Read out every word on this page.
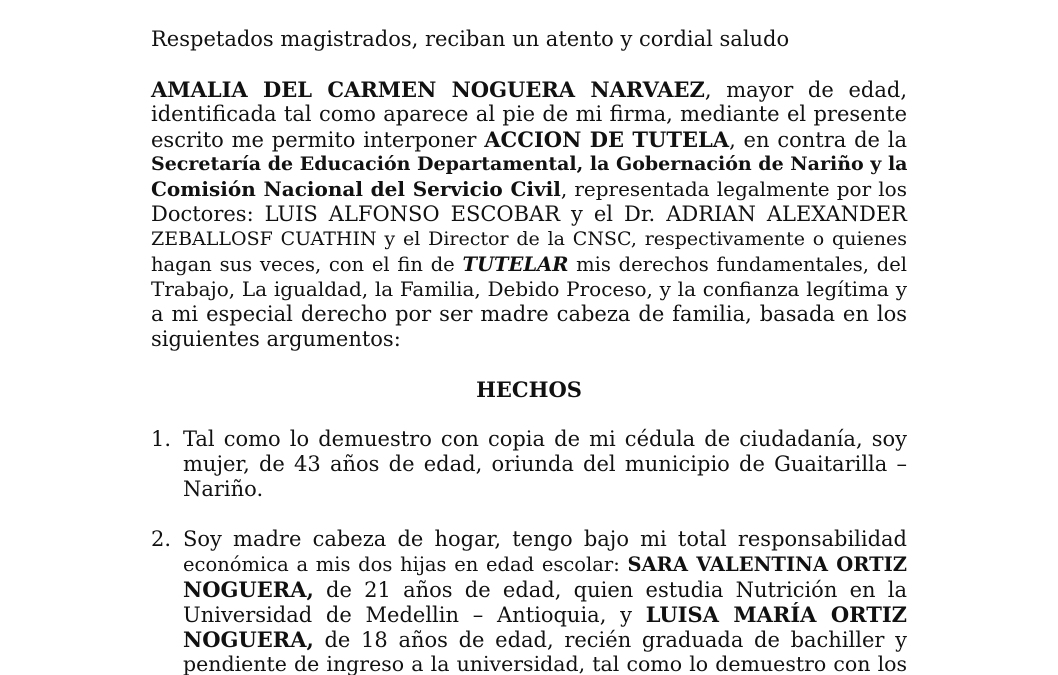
Respetados magistrados, reciban un atento y cordial saludo

AMALIA DEL CARMEN NOGUERA NARVAEZ, mayor de edad,

identificada tal como aparece al pie de mi firma, mediante el presente

escrito me permito interponer ACCION DE TUTELA, en contra de la

Secretaría de Educación Departamental, la Gobernación de Nariño y la

Comisión Nacional del Servicio Civil, representada legalmente por los

Doctores: LUIS ALFONSO ESCOBAR y el Dr. ADRIAN ALEXANDER

ZEBALLOSF CUATHIN y el Director de la CNSC, respectivamente o quienes

hagan sus veces, con el fin de TUTELAR mis derechos fundamentales, del

Trabajo, La igualdad, la Familia, Debido Proceso, y la confianza legítima y

a mi especial derecho por ser madre cabeza de familia, basada en los

siguientes argumentos:

HECHOS

1. Tal como lo demuestro con copia de mi cédula de ciudadanía, soy

mujer, de 43 años de edad, oriunda del municipio de Guaitarilla –

Nariño.

2. Soy madre cabeza de hogar, tengo bajo mi total responsabilidad

económica a mis dos hijas en edad escolar: SARA VALENTINA ORTIZ

NOGUERA, de 21 años de edad, quien estudia Nutrición en la

Universidad de Medellin – Antioquia, y LUISA MARÍA ORTIZ

NOGUERA, de 18 años de edad, recién graduada de bachiller y

pendiente de ingreso a la universidad, tal como lo demuestro con los
